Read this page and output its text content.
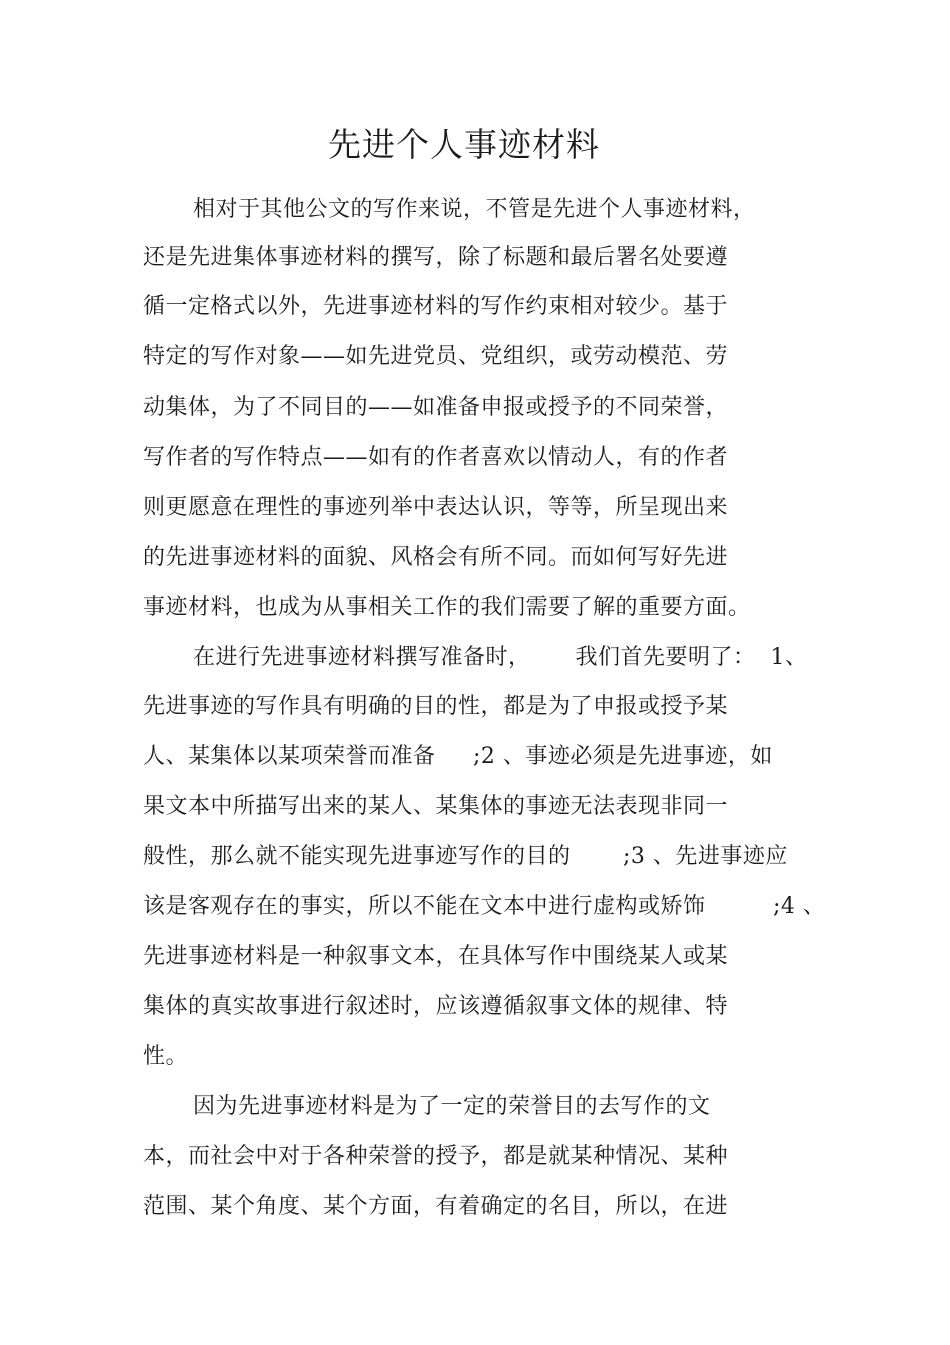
先进个人事迹材料
相对于其他公文的写作来说，不管是先进个人事迹材料，
还是先进集体事迹材料的撰写，除了标题和最后署名处要遵
循一定格式以外，先进事迹材料的写作约束相对较少。基于
特定的写作对象——如先进党员、党组织，或劳动模范、劳
动集体，为了不同目的——如准备申报或授予的不同荣誉，
写作者的写作特点——如有的作者喜欢以情动人，有的作者
则更愿意在理性的事迹列举中表达认识，等等，所呈现出来
的先进事迹材料的面貌、风格会有所不同。而如何写好先进
事迹材料，也成为从事相关工作的我们需要了解的重要方面。
在进行先进事迹材料撰写准备时，      我们首先要明了：  1、
先进事迹的写作具有明确的目的性，都是为了申报或授予某
人、某集体以某项荣誉而准备     ;2 、事迹必须是先进事迹，如
果文本中所描写出来的某人、某集体的事迹无法表现非同一
般性，那么就不能实现先进事迹写作的目的       ;3 、先进事迹应
该是客观存在的事实，所以不能在文本中进行虚构或矫饰         ;4 、
先进事迹材料是一种叙事文本，在具体写作中围绕某人或某
集体的真实故事进行叙述时，应该遵循叙事文体的规律、特
性。
因为先进事迹材料是为了一定的荣誉目的去写作的文
本，而社会中对于各种荣誉的授予，都是就某种情况、某种
范围、某个角度、某个方面，有着确定的名目，所以，在进
